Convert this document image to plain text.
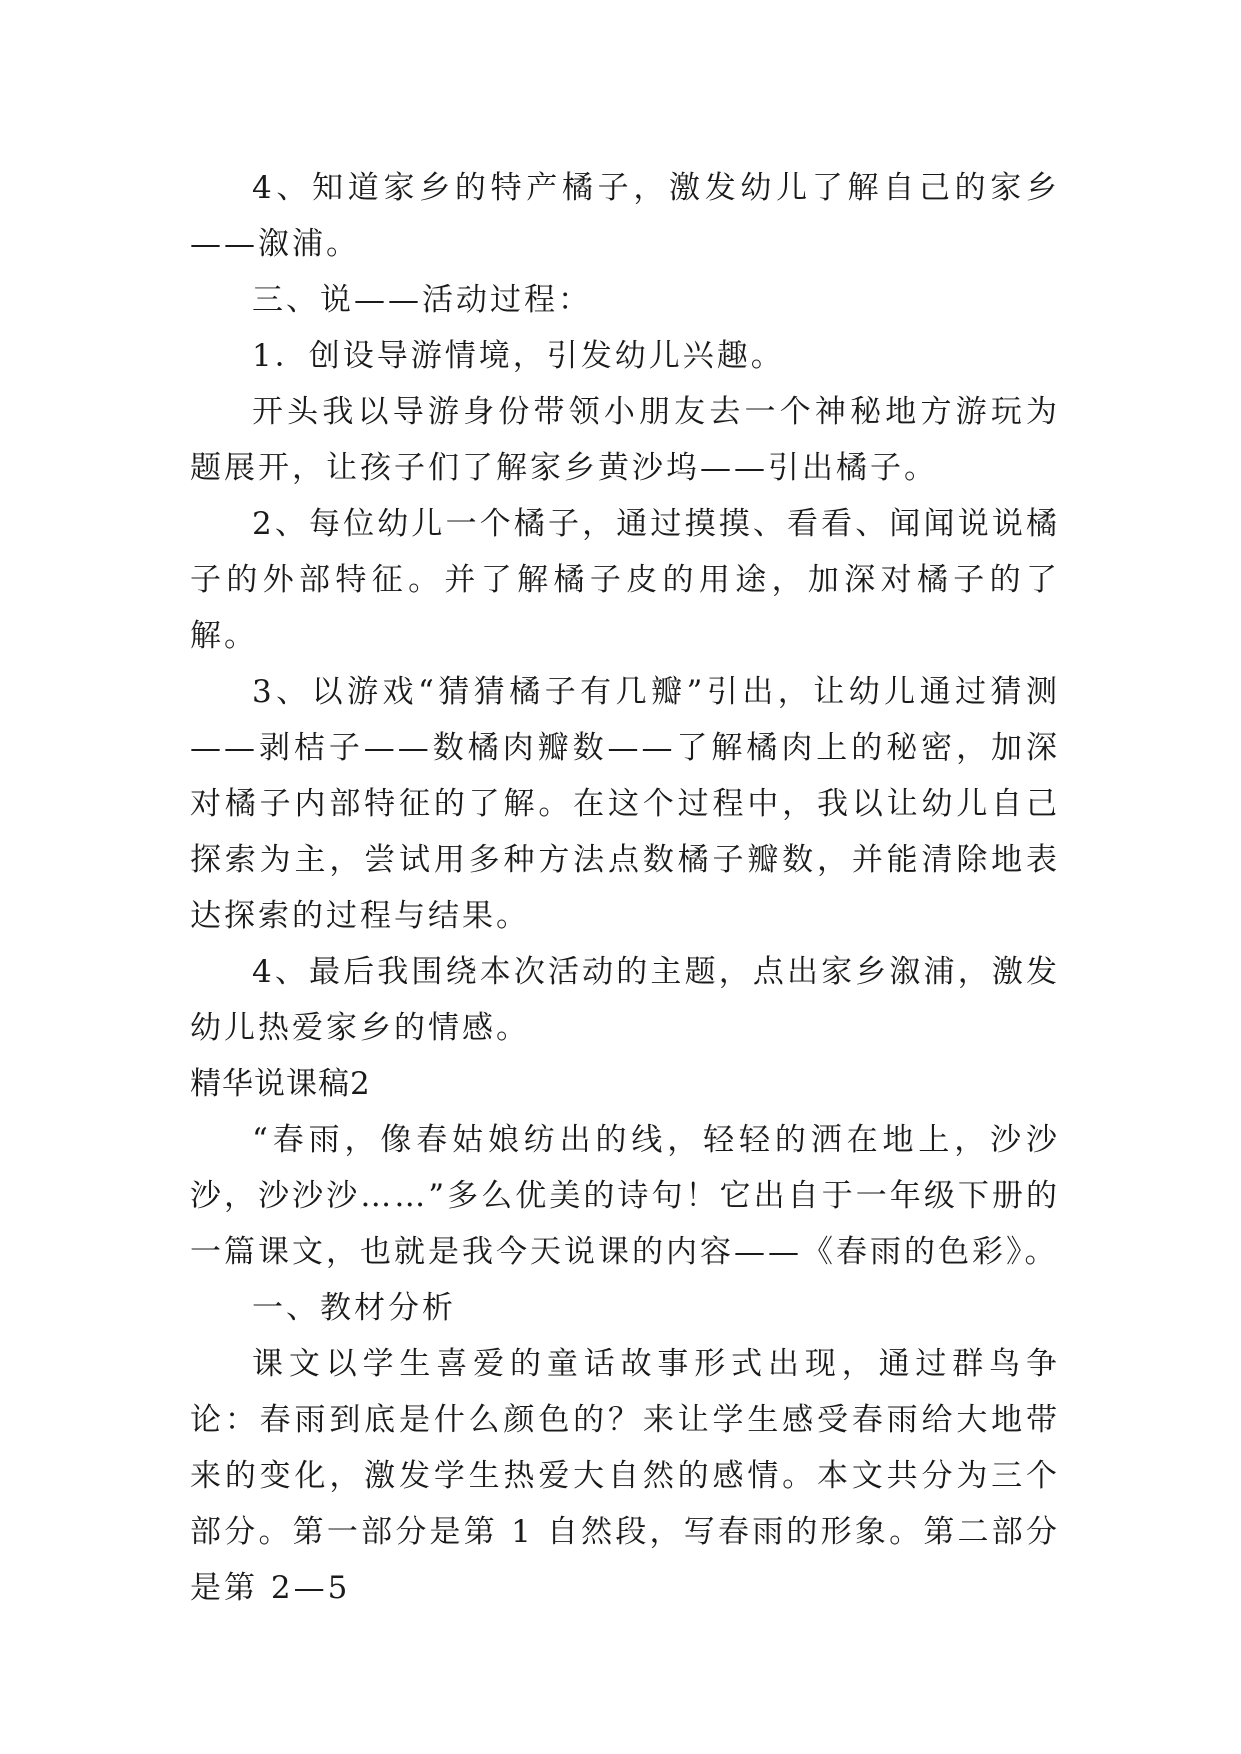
4、知道家乡的特产橘子，激发幼儿了解自己的家乡——溆浦。

三、说——活动过程：

1．创设导游情境，引发幼儿兴趣。

开头我以导游身份带领小朋友去一个神秘地方游玩为题展开，让孩子们了解家乡黄沙坞——引出橘子。

2、每位幼儿一个橘子，通过摸摸、看看、闻闻说说橘子的外部特征。并了解橘子皮的用途，加深对橘子的了解。

3、以游戏“猜猜橘子有几瓣”引出，让幼儿通过猜测——剥桔子——数橘肉瓣数——了解橘肉上的秘密，加深对橘子内部特征的了解。在这个过程中，我以让幼儿自己探索为主，尝试用多种方法点数橘子瓣数，并能清除地表达探索的过程与结果。

4、最后我围绕本次活动的主题，点出家乡溆浦，激发幼儿热爱家乡的情感。

精华说课稿2

“春雨，像春姑娘纺出的线，轻轻的洒在地上，沙沙沙，沙沙沙……”多么优美的诗句！它出自于一年级下册的一篇课文，也就是我今天说课的内容——《春雨的色彩》。

一、教材分析

课文以学生喜爱的童话故事形式出现，通过群鸟争论：春雨到底是什么颜色的？来让学生感受春雨给大地带来的变化，激发学生热爱大自然的感情。本文共分为三个部分。第一部分是第 1 自然段，写春雨的形象。第二部分是第 2—5
